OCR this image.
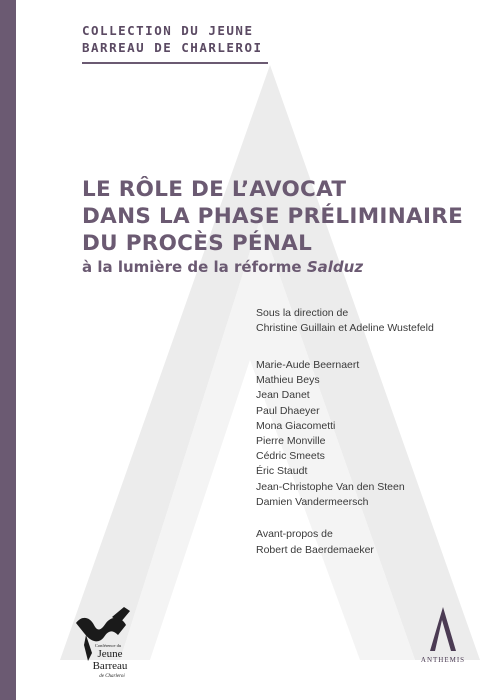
COLLECTION DU JEUNE
BARREAU DE CHARLEROI
LE RÔLE DE L’AVOCAT
DANS LA PHASE PRÉLIMINAIRE
DU PROCÈS PÉNAL
à la lumière de la réforme Salduz
Sous la direction de
Christine Guillain et Adeline Wustefeld
Marie-Aude Beernaert
Mathieu Beys
Jean Danet
Paul Dhaeyer
Mona Giacometti
Pierre Monville
Cédric Smeets
Éric Staudt
Jean-Christophe Van den Steen
Damien Vandermeersch
Avant-propos de
Robert de Baerdemaeker
Conférence du
Jeune
Barreau
de Charleroi
ANTHEMIS
